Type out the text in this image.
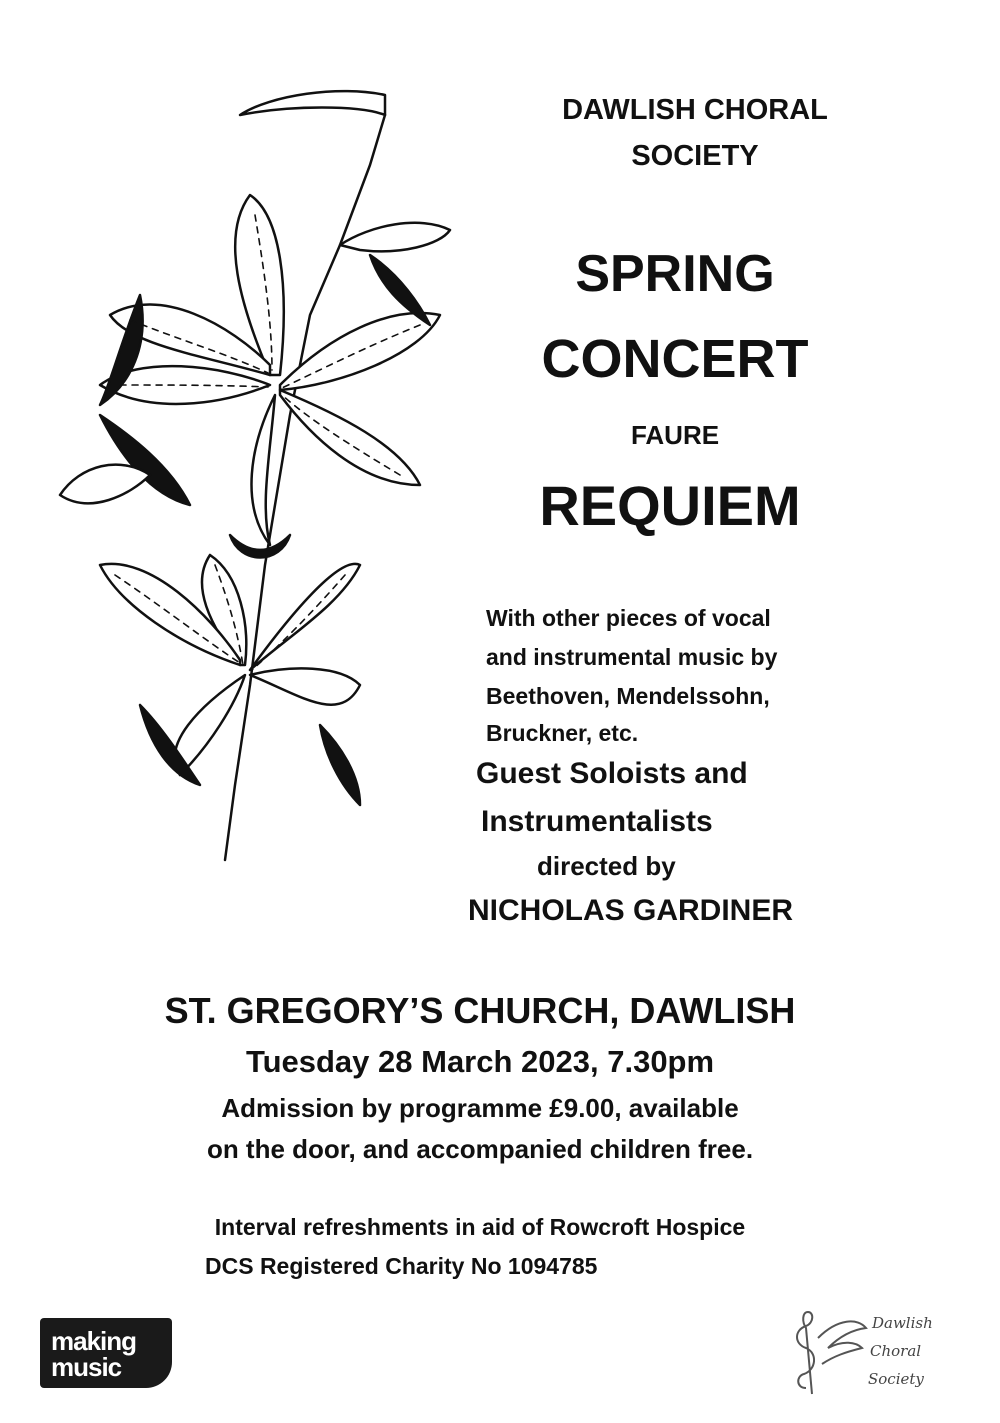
DAWLISH CHORAL

SOCIETY

SPRING

CONCERT

FAURE

REQUIEM

With other pieces of vocal

and instrumental music by

Beethoven, Mendelssohn,

Bruckner, etc.

Guest Soloists and

Instrumentalists

directed by

NICHOLAS GARDINER

ST. GREGORY’S CHURCH, DAWLISH

Tuesday 28 March 2023, 7.30pm

Admission by programme £9.00, available

on the door, and accompanied children free.

Interval refreshments in aid of Rowcroft Hospice

DCS Registered Charity No 1094785

making
music
Dawlish
Choral
Society
